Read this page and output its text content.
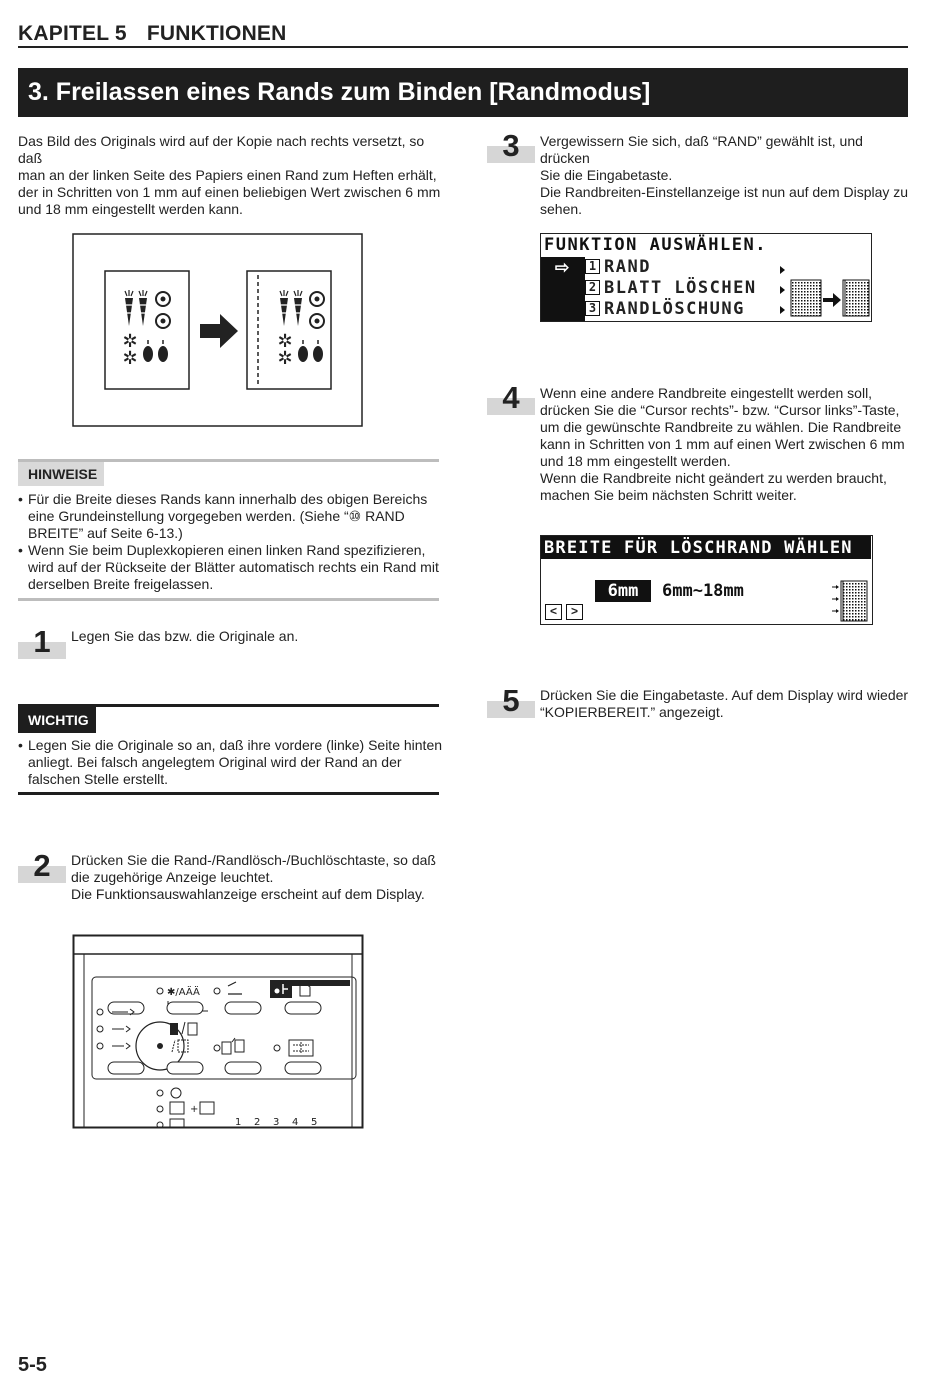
KAPITEL 5 FUNKTIONEN
3. Freilassen eines Rands zum Binden [Randmodus]
Das Bild des Originals wird auf der Kopie nach rechts versetzt, so daß
man an der linken Seite des Papiers einen Rand zum Heften erhält,
der in Schritten von 1 mm auf einen beliebigen Wert zwischen 6 mm
und 18 mm eingestellt werden kann.
✲
✲
✲
✲
HINWEISE
• Für die Breite dieses Rands kann innerhalb des obigen Bereichs
eine Grundeinstellung vorgegeben werden. (Siehe “⑩ RAND
BREITE” auf Seite 6-13.)
• Wenn Sie beim Duplexkopieren einen linken Rand spezifizieren,
wird auf der Rückseite der Blätter automatisch rechts ein Rand mit
derselben Breite freigelassen.
1	Legen Sie das bzw. die Originale an.
WICHTIG
• Legen Sie die Originale so an, daß ihre vordere (linke) Seite hinten
anliegt. Bei falsch angelegtem Original wird der Rand an der
falschen Stelle erstellt.
2	Drücken Sie die Rand-/Randlösch-/Buchlöschtaste, so daß
die zugehörige Anzeige leuchtet.
Die Funktionsauswahlanzeige erscheint auf dem Display.
✱/AÄÄ
+
1 2 3 4 5
3	Vergewissern Sie sich, daß “RAND” gewählt ist, und drücken
Sie die Eingabetaste.
Die Randbreiten-Einstellanzeige ist nun auf dem Display zu
sehen.
FUNKTION AUSWÄHLEN.
⇨	1 RAND
2 BLATT LÖSCHEN
3 RANDLÖSCHUNG
4	Wenn eine andere Randbreite eingestellt werden soll,
drücken Sie die “Cursor rechts”- bzw. “Cursor links”-Taste,
um die gewünschte Randbreite zu wählen. Die Randbreite
kann in Schritten von 1 mm auf einen Wert zwischen 6 mm
und 18 mm eingestellt werden.
Wenn die Randbreite nicht geändert zu werden braucht,
machen Sie beim nächsten Schritt weiter.
BREITE FÜR LÖSCHRAND WÄHLEN
6mm	6mm~18mm
<	>
5	Drücken Sie die Eingabetaste. Auf dem Display wird wieder
“KOPIERBEREIT.” angezeigt.
5-5
